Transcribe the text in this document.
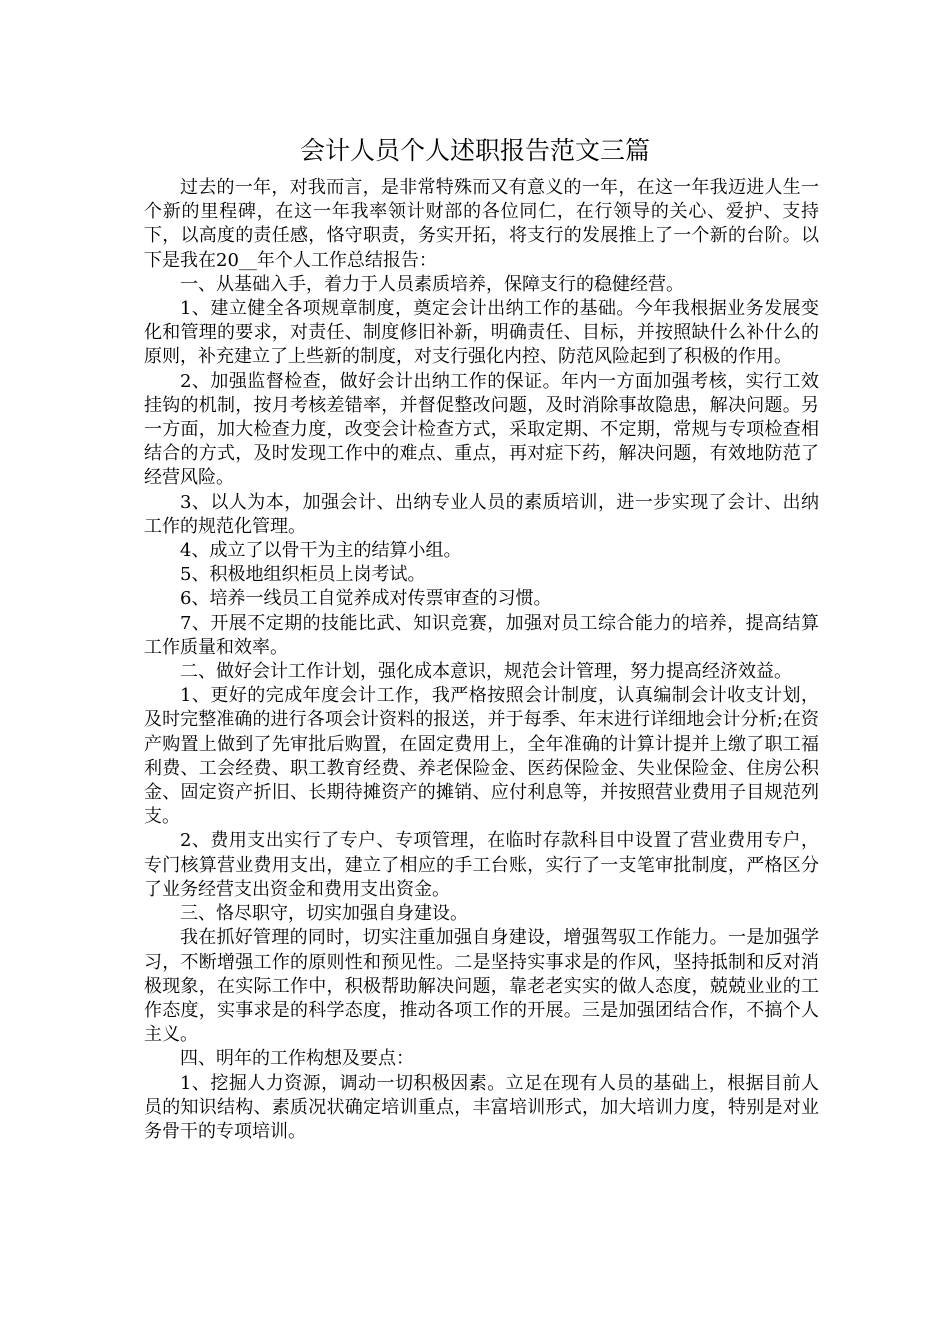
会计人员个人述职报告范文三篇

过去的一年，对我而言，是非常特殊而又有意义的一年，在这一年我迈进人生一个新的里程碑，在这一年我率领计财部的各位同仁，在行领导的关心、爱护、支持下，以高度的责任感，恪守职责，务实开拓，将支行的发展推上了一个新的台阶。以下是我在20__年个人工作总结报告：

一、从基础入手，着力于人员素质培养，保障支行的稳健经营。

1、建立健全各项规章制度，奠定会计出纳工作的基础。今年我根据业务发展变化和管理的要求，对责任、制度修旧补新，明确责任、目标，并按照缺什么补什么的原则，补充建立了上些新的制度，对支行强化内控、防范风险起到了积极的作用。

2、加强监督检查，做好会计出纳工作的保证。年内一方面加强考核，实行工效挂钩的机制，按月考核差错率，并督促整改问题，及时消除事故隐患，解决问题。另一方面，加大检查力度，改变会计检查方式，采取定期、不定期，常规与专项检查相结合的方式，及时发现工作中的难点、重点，再对症下药，解决问题，有效地防范了经营风险。

3、以人为本，加强会计、出纳专业人员的素质培训，进一步实现了会计、出纳工作的规范化管理。

4、成立了以骨干为主的结算小组。

5、积极地组织柜员上岗考试。

6、培养一线员工自觉养成对传票审查的习惯。

7、开展不定期的技能比武、知识竞赛，加强对员工综合能力的培养，提高结算工作质量和效率。

二、做好会计工作计划，强化成本意识，规范会计管理，努力提高经济效益。

1、更好的完成年度会计工作，我严格按照会计制度，认真编制会计收支计划，及时完整准确的进行各项会计资料的报送，并于每季、年末进行详细地会计分析;在资产购置上做到了先审批后购置，在固定费用上，全年准确的计算计提并上缴了职工福利费、工会经费、职工教育经费、养老保险金、医药保险金、失业保险金、住房公积金、固定资产折旧、长期待摊资产的摊销、应付利息等，并按照营业费用子目规范列支。

2、费用支出实行了专户、专项管理，在临时存款科目中设置了营业费用专户，专门核算营业费用支出，建立了相应的手工台账，实行了一支笔审批制度，严格区分了业务经营支出资金和费用支出资金。

三、恪尽职守，切实加强自身建设。

我在抓好管理的同时，切实注重加强自身建设，增强驾驭工作能力。一是加强学习，不断增强工作的原则性和预见性。二是坚持实事求是的作风，坚持抵制和反对消极现象，在实际工作中，积极帮助解决问题，靠老老实实的做人态度，兢兢业业的工作态度，实事求是的科学态度，推动各项工作的开展。三是加强团结合作，不搞个人主义。

四、明年的工作构想及要点：

1、挖掘人力资源，调动一切积极因素。立足在现有人员的基础上，根据目前人员的知识结构、素质况状确定培训重点，丰富培训形式，加大培训力度，特别是对业务骨干的专项培训。
